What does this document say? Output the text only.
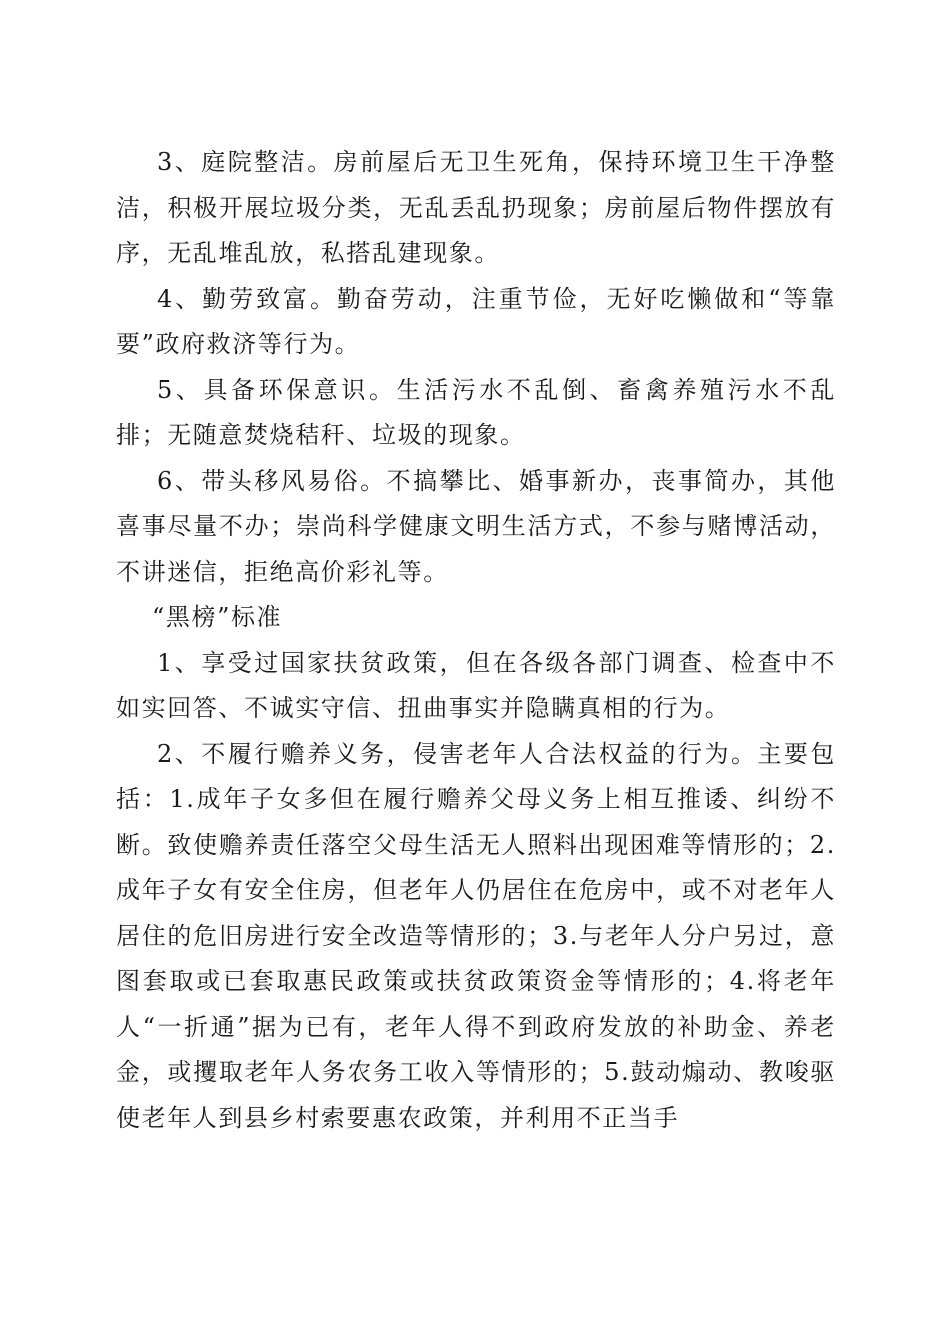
3、庭院整洁。房前屋后无卫生死角，保持环境卫生干净整洁，积极开展垃圾分类，无乱丢乱扔现象；房前屋后物件摆放有序，无乱堆乱放，私搭乱建现象。

4、勤劳致富。勤奋劳动，注重节俭，无好吃懒做和“等靠要”政府救济等行为。

5、具备环保意识。生活污水不乱倒、畜禽养殖污水不乱排；无随意焚烧秸秆、垃圾的现象。

6、带头移风易俗。不搞攀比、婚事新办，丧事简办，其他喜事尽量不办；崇尚科学健康文明生活方式，不参与赌博活动，不讲迷信，拒绝高价彩礼等。

“黑榜”标准

1、享受过国家扶贫政策，但在各级各部门调查、检查中不如实回答、不诚实守信、扭曲事实并隐瞒真相的行为。

2、不履行赡养义务，侵害老年人合法权益的行为。主要包括：1.成年子女多但在履行赡养父母义务上相互推诿、纠纷不断。致使赡养责任落空父母生活无人照料出现困难等情形的；2.成年子女有安全住房，但老年人仍居住在危房中，或不对老年人居住的危旧房进行安全改造等情形的；3.与老年人分户另过，意图套取或已套取惠民政策或扶贫政策资金等情形的；4.将老年人“一折通”据为已有，老年人得不到政府发放的补助金、养老金，或攫取老年人务农务工收入等情形的；5.鼓动煽动、教唆驱使老年人到县乡村索要惠农政策，并利用不正当手
